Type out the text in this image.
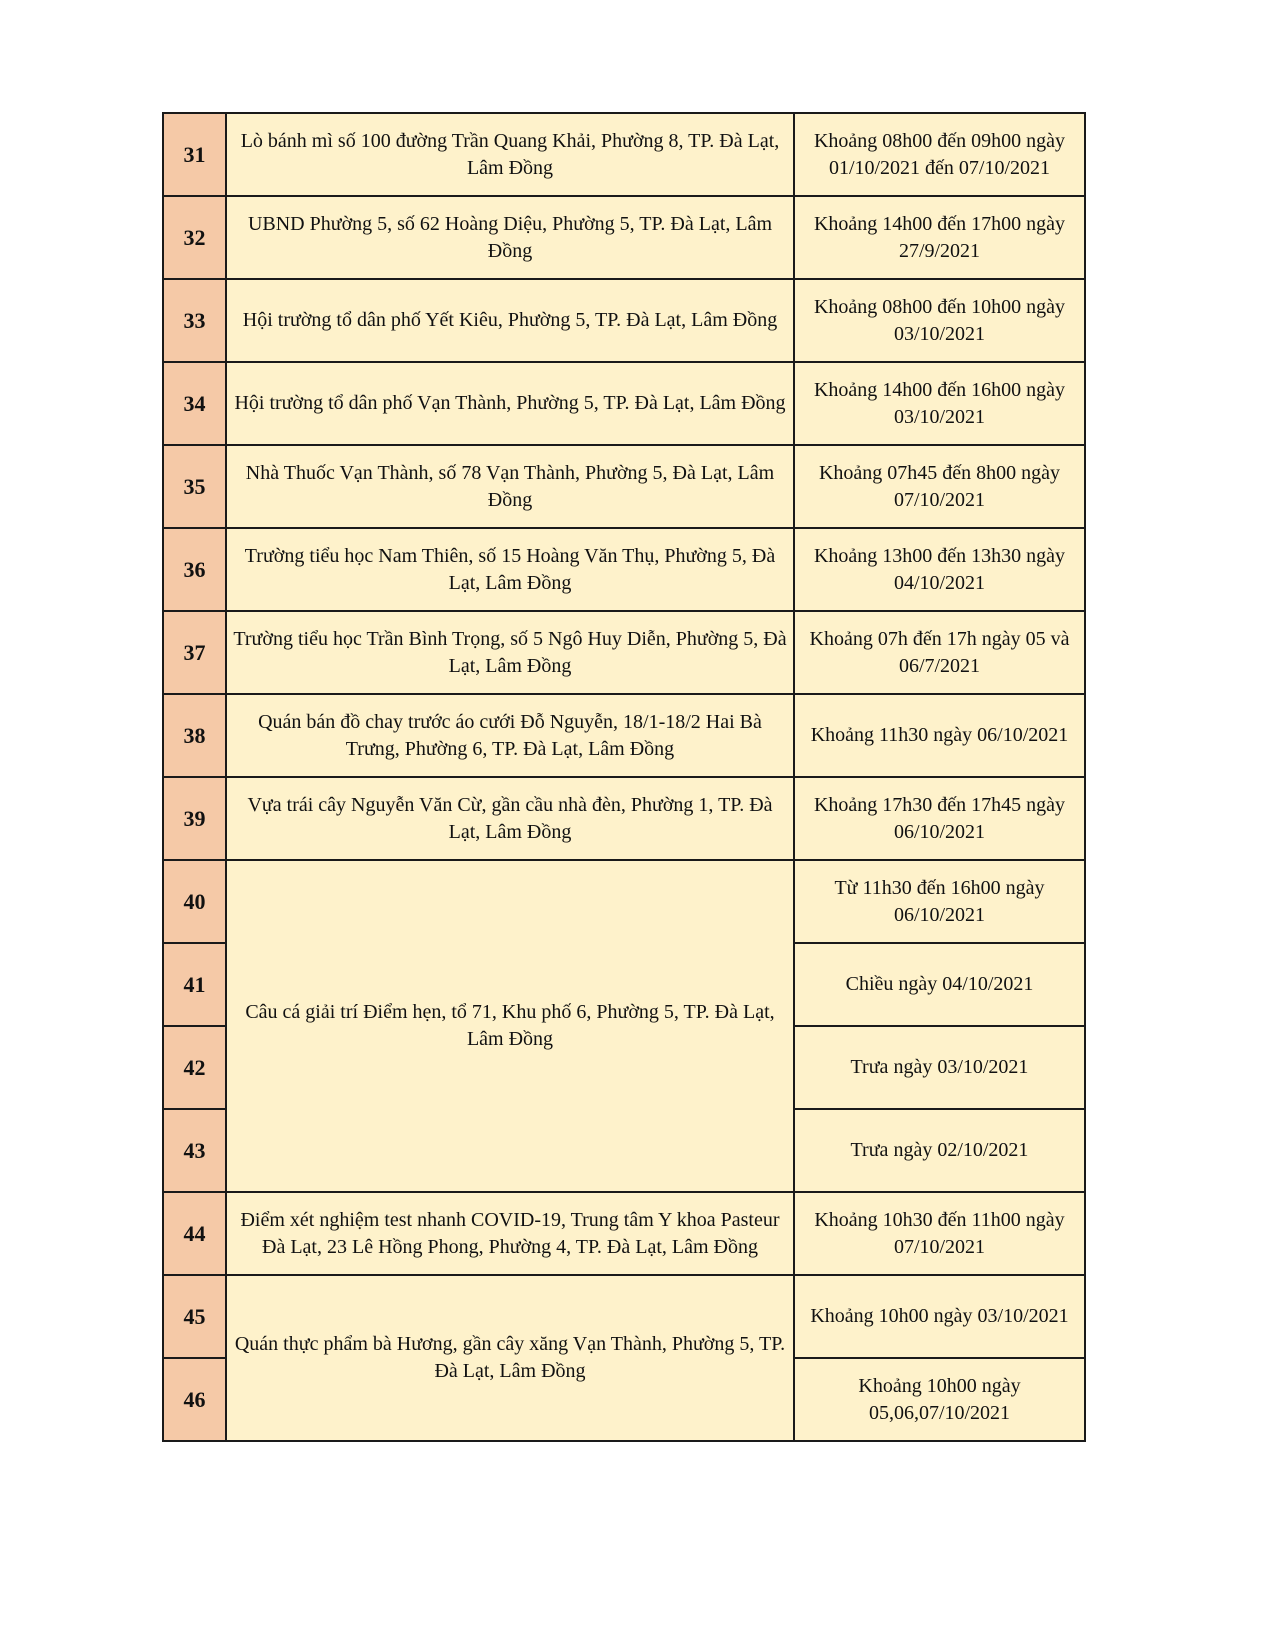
31	Lò bánh mì số 100 đường Trần Quang Khải, Phường 8, TP. Đà Lạt, Lâm Đồng	Khoảng 08h00 đến 09h00 ngày 01/10/2021 đến 07/10/2021
32	UBND Phường 5, số 62 Hoàng Diệu, Phường 5, TP. Đà Lạt, Lâm Đồng	Khoảng 14h00 đến 17h00 ngày 27/9/2021
33	Hội trường tổ dân phố Yết Kiêu, Phường 5, TP. Đà Lạt, Lâm Đồng	Khoảng 08h00 đến 10h00 ngày 03/10/2021
34	Hội trường tổ dân phố Vạn Thành, Phường 5, TP. Đà Lạt, Lâm Đồng	Khoảng 14h00 đến 16h00 ngày 03/10/2021
35	Nhà Thuốc Vạn Thành, số 78 Vạn Thành, Phường 5, Đà Lạt, Lâm Đồng	Khoảng 07h45 đến 8h00 ngày 07/10/2021
36	Trường tiểu học Nam Thiên, số 15 Hoàng Văn Thụ, Phường 5, Đà Lạt, Lâm Đồng	Khoảng 13h00 đến 13h30 ngày 04/10/2021
37	Trường tiểu học Trần Bình Trọng, số 5 Ngô Huy Diễn, Phường 5, Đà Lạt, Lâm Đồng	Khoảng 07h đến 17h ngày 05 và 06/7/2021
38	Quán bán đồ chay trước áo cưới Đỗ Nguyễn, 18/1-18/2 Hai Bà Trưng, Phường 6, TP. Đà Lạt, Lâm Đồng	Khoảng 11h30 ngày 06/10/2021
39	Vựa trái cây Nguyễn Văn Cừ, gần cầu nhà đèn, Phường 1, TP. Đà Lạt, Lâm Đồng	Khoảng 17h30 đến 17h45 ngày 06/10/2021
40	Câu cá giải trí Điểm hẹn, tổ 71, Khu phố 6, Phường 5, TP. Đà Lạt, Lâm Đồng	Từ 11h30 đến 16h00 ngày 06/10/2021
41		Chiều ngày 04/10/2021
42		Trưa ngày 03/10/2021
43		Trưa ngày 02/10/2021
44	Điểm xét nghiệm test nhanh COVID-19, Trung tâm Y khoa Pasteur Đà Lạt, 23 Lê Hồng Phong, Phường 4, TP. Đà Lạt, Lâm Đồng	Khoảng 10h30 đến 11h00 ngày 07/10/2021
45	Quán thực phẩm bà Hương, gần cây xăng Vạn Thành, Phường 5, TP. Đà Lạt, Lâm Đồng	Khoảng 10h00 ngày 03/10/2021
46		Khoảng 10h00 ngày 05,06,07/10/2021
